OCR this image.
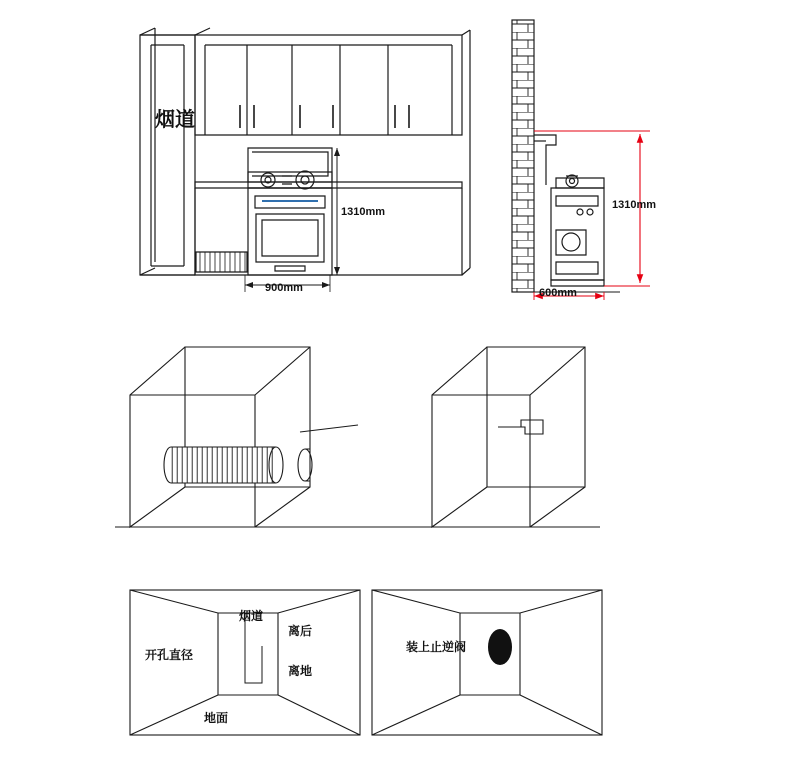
烟道
1310mm
900mm
1310mm
600mm
开孔直径
烟道
离后
离地
地面
装上止逆阀
